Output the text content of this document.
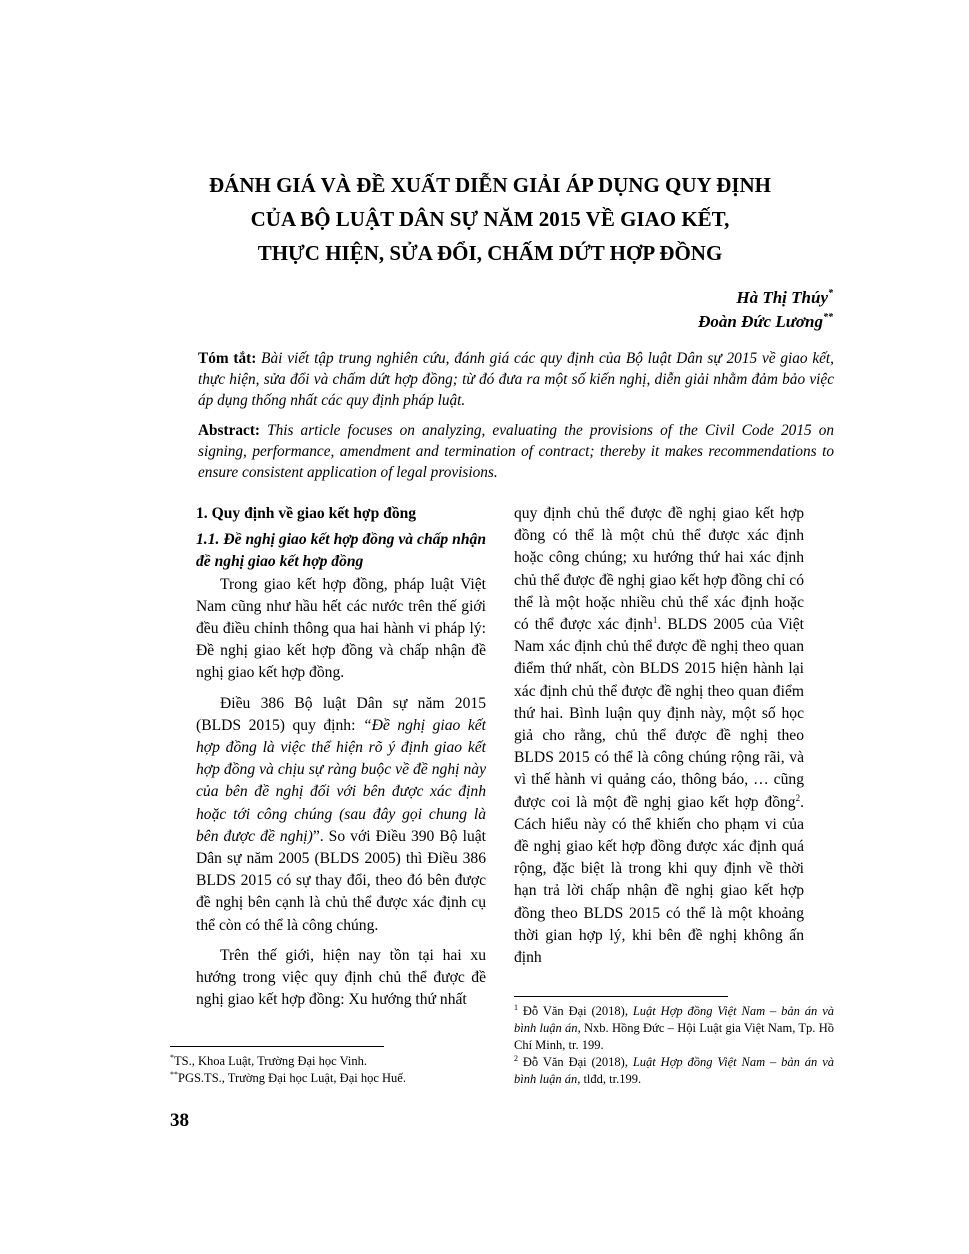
ĐÁNH GIÁ VÀ ĐỀ XUẤT DIỄN GIẢI ÁP DỤNG QUY ĐỊNH
CỦA BỘ LUẬT DÂN SỰ NĂM 2015 VỀ GIAO KẾT,
THỰC HIỆN, SỬA ĐỔI, CHẤM DỨT HỢP ĐỒNG
Hà Thị Thúy*
Đoàn Đức Lương**
Tóm tắt: Bài viết tập trung nghiên cứu, đánh giá các quy định của Bộ luật Dân sự 2015 về giao kết, thực hiện, sửa đổi và chấm dứt hợp đồng; từ đó đưa ra một số kiến nghị, diễn giải nhằm đảm bảo việc áp dụng thống nhất các quy định pháp luật.
Abstract: This article focuses on analyzing, evaluating the provisions of the Civil Code 2015 on signing, performance, amendment and termination of contract; thereby it makes recommendations to ensure consistent application of legal provisions.

1. Quy định về giao kết hợp đồng

1.1. Đề nghị giao kết hợp đồng và chấp nhận đề nghị giao kết hợp đồng

Trong giao kết hợp đồng, pháp luật Việt Nam cũng như hầu hết các nước trên thế giới đều điều chỉnh thông qua hai hành vi pháp lý: Đề nghị giao kết hợp đồng và chấp nhận đề nghị giao kết hợp đồng.

Điều 386 Bộ luật Dân sự năm 2015 (BLDS 2015) quy định: “Đề nghị giao kết hợp đồng là việc thể hiện rõ ý định giao kết hợp đồng và chịu sự ràng buộc về đề nghị này của bên đề nghị đối với bên được xác định hoặc tới công chúng (sau đây gọi chung là bên được đề nghị)”. So với Điều 390 Bộ luật Dân sự năm 2005 (BLDS 2005) thì Điều 386 BLDS 2015 có sự thay đổi, theo đó bên được đề nghị bên cạnh là chủ thể được xác định cụ thể còn có thể là công chúng.

Trên thế giới, hiện nay tồn tại hai xu hướng trong việc quy định chủ thể được đề nghị giao kết hợp đồng: Xu hướng thứ nhất

quy định chủ thể được đề nghị giao kết hợp đồng có thể là một chủ thể được xác định hoặc công chúng; xu hướng thứ hai xác định chủ thể được đề nghị giao kết hợp đồng chỉ có thể là một hoặc nhiều chủ thể xác định hoặc có thể được xác định$^1$. BLDS 2005 của Việt Nam xác định chủ thể được đề nghị theo quan điểm thứ nhất, còn BLDS 2015 hiện hành lại xác định chủ thể được đề nghị theo quan điểm thứ hai. Bình luận quy định này, một số học giả cho rằng, chủ thể được đề nghị theo BLDS 2015 có thể là công chúng rộng rãi, và vì thế hành vi quảng cáo, thông báo, … cũng được coi là một đề nghị giao kết hợp đồng$^2$. Cách hiểu này có thể khiến cho phạm vi của đề nghị giao kết hợp đồng được xác định quá rộng, đặc biệt là trong khi quy định về thời hạn trả lời chấp nhận đề nghị giao kết hợp đồng theo BLDS 2015 có thể là một khoảng thời gian hợp lý, khi bên đề nghị không ấn định

$^1$ Đỗ Văn Đại (2018), Luật Hợp đồng Việt Nam – bản án và bình luận án, Nxb. Hồng Đức – Hội Luật gia Việt Nam, Tp. Hồ Chí Minh, tr. 199.

$^2$ Đỗ Văn Đại (2018), Luật Hợp đồng Việt Nam – bản án và bình luận án, tlđd, tr.199.

*TS., Khoa Luật, Trường Đại học Vinh.

**PGS.TS., Trường Đại học Luật, Đại học Huế.

38
